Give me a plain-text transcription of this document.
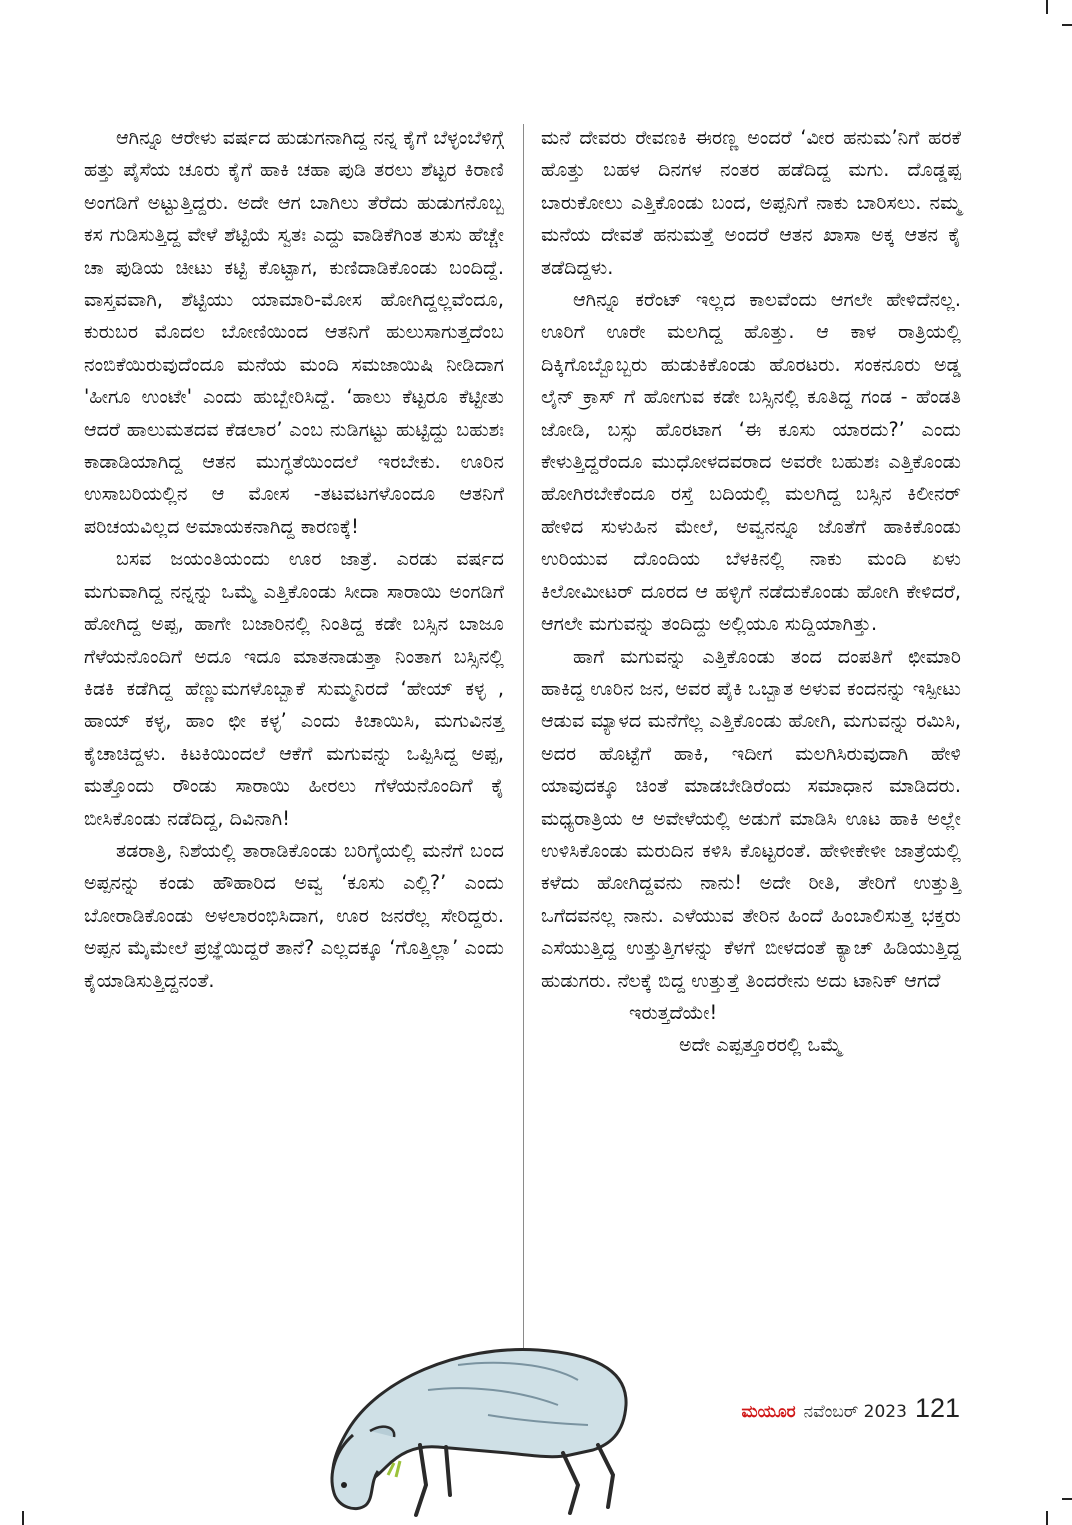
ಆಗಿನ್ನೂ ಆರೇಳು ವರ್ಷದ ಹುಡುಗನಾಗಿದ್ದ ನನ್ನ ಕೈಗೆ ಬೆಳ್ಳಂಬೆಳಿಗ್ಗೆ ಹತ್ತು ಪೈಸೆಯ ಚೂರು ಕೈಗೆ ಹಾಕಿ ಚಹಾ ಪುಡಿ ತರಲು ಶೆಟ್ಟರ ಕಿರಾಣಿ ಅಂಗಡಿಗೆ ಅಟ್ಟುತ್ತಿದ್ದರು. ಅದೇ ಆಗ ಬಾಗಿಲು ತೆರೆದು ಹುಡುಗನೊಬ್ಬ ಕಸ ಗುಡಿಸುತ್ತಿದ್ದ ವೇಳೆ ಶೆಟ್ಟಿಯೆ ಸ್ವತಃ ಎದ್ದು ವಾಡಿಕೆಗಿಂತ ತುಸು ಹೆಚ್ಚೇ ಚಾ ಪುಡಿಯ ಚೀಟು ಕಟ್ಟಿ ಕೊಟ್ಟಾಗ, ಕುಣಿದಾಡಿಕೊಂಡು ಬಂದಿದ್ದೆ. ವಾಸ್ತವವಾಗಿ, ಶೆಟ್ಟಿಯು ಯಾಮಾರಿ-ಮೋಸ ಹೋಗಿದ್ದಲ್ಲವೆಂದೂ, ಕುರುಬರ ಮೊದಲ ಬೋಣಿಯಿಂದ ಆತನಿಗೆ ಹುಲುಸಾಗುತ್ತದೆಂಬ ನಂಬಿಕೆಯಿರುವುದೆಂದೂ ಮನೆಯ ಮಂದಿ ಸಮಜಾಯಿಷಿ ನೀಡಿದಾಗ 'ಹೀಗೂ ಉಂಟೇ' ಎಂದು ಹುಬ್ಬೇರಿಸಿದ್ದೆ. ‘ಹಾಲು ಕೆಟ್ಟರೂ ಕೆಟ್ಟೀತು ಆದರೆ ಹಾಲುಮತದವ ಕೆಡಲಾರ’ ಎಂಬ ನುಡಿಗಟ್ಟು ಹುಟ್ಟಿದ್ದು ಬಹುಶಃ ಕಾಡಾಡಿಯಾಗಿದ್ದ ಆತನ ಮುಗ್ಧತೆಯಿಂದಲೆ ಇರಬೇಕು. ಊರಿನ ಉಸಾಬರಿಯಲ್ಲಿನ ಆ ಮೋಸ -ತಟವಟಗಳೊಂದೂ ಆತನಿಗೆ ಪರಿಚಯವಿಲ್ಲದ ಅಮಾಯಕನಾಗಿದ್ದ ಕಾರಣಕ್ಕೆ!

ಬಸವ ಜಯಂತಿಯಂದು ಊರ ಜಾತ್ರೆ. ಎರಡು ವರ್ಷದ ಮಗುವಾಗಿದ್ದ ನನ್ನನ್ನು ಒಮ್ಮೆ ಎತ್ತಿಕೊಂಡು ಸೀದಾ ಸಾರಾಯಿ ಅಂಗಡಿಗೆ ಹೋಗಿದ್ದ ಅಪ್ಪ, ಹಾಗೇ ಬಜಾರಿನಲ್ಲಿ ನಿಂತಿದ್ದ ಕಡೇ ಬಸ್ಸಿನ ಬಾಜೂ ಗೆಳೆಯನೊಂದಿಗೆ ಅದೂ ಇದೂ ಮಾತನಾಡುತ್ತಾ ನಿಂತಾಗ ಬಸ್ಸಿನಲ್ಲಿ ಕಿಡಕಿ ಕಡೆಗಿದ್ದ ಹೆಣ್ಣುಮಗಳೊಬ್ಬಾಕೆ ಸುಮ್ಮನಿರದೆ ‘ಹೇಯ್ ಕಳ್ಳ , ಹಾಯ್ ಕಳ್ಳ, ಹಾಂ ಛೀ ಕಳ್ಳ’ ಎಂದು ಕಿಚಾಯಿಸಿ, ಮಗುವಿನತ್ತ ಕೈಚಾಚಿದ್ದಳು. ಕಿಟಕಿಯಿಂದಲೆ ಆಕೆಗೆ ಮಗುವನ್ನು ಒಪ್ಪಿಸಿದ್ದ ಅಪ್ಪ, ಮತ್ತೊಂದು ರೌಂಡು ಸಾರಾಯಿ ಹೀರಲು ಗೆಳೆಯನೊಂದಿಗೆ ಕೈ ಬೀಸಿಕೊಂಡು ನಡೆದಿದ್ದ, ದಿವಿನಾಗಿ!

ತಡರಾತ್ರಿ, ನಿಶೆಯಲ್ಲಿ ತಾರಾಡಿಕೊಂಡು ಬರಿಗೈಯಲ್ಲಿ ಮನೆಗೆ ಬಂದ ಅಪ್ಪನನ್ನು ಕಂಡು ಹೌಹಾರಿದ ಅವ್ವ ‘ಕೂಸು ಎಲ್ಲಿ?’ ಎಂದು ಬೋರಾಡಿಕೊಂಡು ಅಳಲಾರಂಭಿಸಿದಾಗ, ಊರ ಜನರೆಲ್ಲ ಸೇರಿದ್ದರು. ಅಪ್ಪನ ಮೈಮೇಲೆ ಪ್ರಜ್ಞೆಯಿದ್ದರೆ ತಾನೆ? ಎಲ್ಲದಕ್ಕೂ ‘ಗೊತ್ತಿಲ್ಲಾ’ ಎಂದು ಕೈಯಾಡಿಸುತ್ತಿದ್ದನಂತೆ.

ಮನೆ ದೇವರು ರೇವಣಕಿ ಈರಣ್ಣ ಅಂದರೆ ‘ವೀರ ಹನುಮ’ನಿಗೆ ಹರಕೆ ಹೊತ್ತು ಬಹಳ ದಿನಗಳ ನಂತರ ಹಡೆದಿದ್ದ ಮಗು. ದೊಡ್ಡಪ್ಪ ಬಾರುಕೋಲು ಎತ್ತಿಕೊಂಡು ಬಂದ, ಅಪ್ಪನಿಗೆ ನಾಕು ಬಾರಿಸಲು. ನಮ್ಮ ಮನೆಯ ದೇವತೆ ಹನುಮತ್ತೆ ಅಂದರೆ ಆತನ ಖಾಸಾ ಅಕ್ಕ ಆತನ ಕೈ ತಡೆದಿದ್ದಳು.

ಆಗಿನ್ನೂ ಕರೆಂಟ್ ಇಲ್ಲದ ಕಾಲವೆಂದು ಆಗಲೇ ಹೇಳಿದೆನಲ್ಲ. ಊರಿಗೆ ಊರೇ ಮಲಗಿದ್ದ ಹೊತ್ತು. ಆ ಕಾಳ ರಾತ್ರಿಯಲ್ಲಿ ದಿಕ್ಕಿಗೊಬ್ಬೊಬ್ಬರು ಹುಡುಕಿಕೊಂಡು ಹೊರಟರು. ಸಂಕನೂರು ಅಡ್ಡ ಲೈನ್ ಕ್ರಾಸ್ ಗೆ ಹೋಗುವ ಕಡೇ ಬಸ್ಸಿನಲ್ಲಿ ಕೂತಿದ್ದ ಗಂಡ - ಹೆಂಡತಿ ಜೋಡಿ, ಬಸ್ಸು ಹೊರಟಾಗ ‘ಈ ಕೂಸು ಯಾರದು?’ ಎಂದು ಕೇಳುತ್ತಿದ್ದರೆಂದೂ ಮುಧೋಳದವರಾದ ಅವರೇ ಬಹುಶಃ ಎತ್ತಿಕೊಂಡು ಹೋಗಿರಬೇಕೆಂದೂ ರಸ್ತೆ ಬದಿಯಲ್ಲಿ ಮಲಗಿದ್ದ ಬಸ್ಸಿನ ಕಿಲೀನರ್ ಹೇಳಿದ ಸುಳುಹಿನ ಮೇಲೆ, ಅವ್ವನನ್ನೂ ಜೊತೆಗೆ ಹಾಕಿಕೊಂಡು ಉರಿಯುವ ದೊಂದಿಯ ಬೆಳಕಿನಲ್ಲಿ ನಾಕು ಮಂದಿ ಏಳು ಕಿಲೋಮೀಟರ್ ದೂರದ ಆ ಹಳ್ಳಿಗೆ ನಡೆದುಕೊಂಡು ಹೋಗಿ ಕೇಳಿದರೆ, ಆಗಲೇ ಮಗುವನ್ನು ತಂದಿದ್ದು ಅಲ್ಲಿಯೂ ಸುದ್ದಿಯಾಗಿತ್ತು.

ಹಾಗೆ ಮಗುವನ್ನು ಎತ್ತಿಕೊಂಡು ತಂದ ದಂಪತಿಗೆ ಛೀಮಾರಿ ಹಾಕಿದ್ದ ಊರಿನ ಜನ, ಅವರ ಪೈಕಿ ಒಬ್ಬಾತ ಅಳುವ ಕಂದನನ್ನು ಇಸ್ಪೀಟು ಆಡುವ ಮ್ಯಾಳದ ಮನೆಗೆಲ್ಲ ಎತ್ತಿಕೊಂಡು ಹೋಗಿ, ಮಗುವನ್ನು ರಮಿಸಿ, ಅದರ ಹೊಟ್ಟೆಗೆ ಹಾಕಿ, ಇದೀಗ ಮಲಗಿಸಿರುವುದಾಗಿ ಹೇಳಿ ಯಾವುದಕ್ಕೂ ಚಿಂತೆ ಮಾಡಬೇಡಿರೆಂದು ಸಮಾಧಾನ ಮಾಡಿದರು. ಮಧ್ಯರಾತ್ರಿಯ ಆ ಅವೇಳೆಯಲ್ಲಿ ಅಡುಗೆ ಮಾಡಿಸಿ ಊಟ ಹಾಕಿ ಅಲ್ಲೇ ಉಳಿಸಿಕೊಂಡು ಮರುದಿನ ಕಳಿಸಿ ಕೊಟ್ಟರಂತೆ. ಹೇಳೀಕೇಳೀ ಜಾತ್ರೆಯಲ್ಲಿ ಕಳೆದು ಹೋಗಿದ್ದವನು ನಾನು! ಅದೇ ರೀತಿ, ತೇರಿಗೆ ಉತ್ತುತ್ತಿ ಒಗೆದವನಲ್ಲ ನಾನು. ಎಳೆಯುವ ತೇರಿನ ಹಿಂದೆ ಹಿಂಬಾಲಿಸುತ್ತ ಭಕ್ತರು ಎಸೆಯುತ್ತಿದ್ದ ಉತ್ತುತ್ತಿಗಳನ್ನು ಕೆಳಗೆ ಬೀಳದಂತೆ ಕ್ಯಾಚ್ ಹಿಡಿಯುತ್ತಿದ್ದ ಹುಡುಗರು. ನೆಲಕ್ಕೆ ಬಿದ್ದ ಉತ್ತುತ್ತೆ ತಿಂದರೇನು ಅದು ಟಾನಿಕ್ ಆಗದೆ

ಇರುತ್ತದೆಯೇ!

ಅದೇ ಎಪ್ಪತ್ತೂರರಲ್ಲಿ ಒಮ್ಮೆ

ಮಯೂರ ನವೆಂಬರ್ 2023 121
